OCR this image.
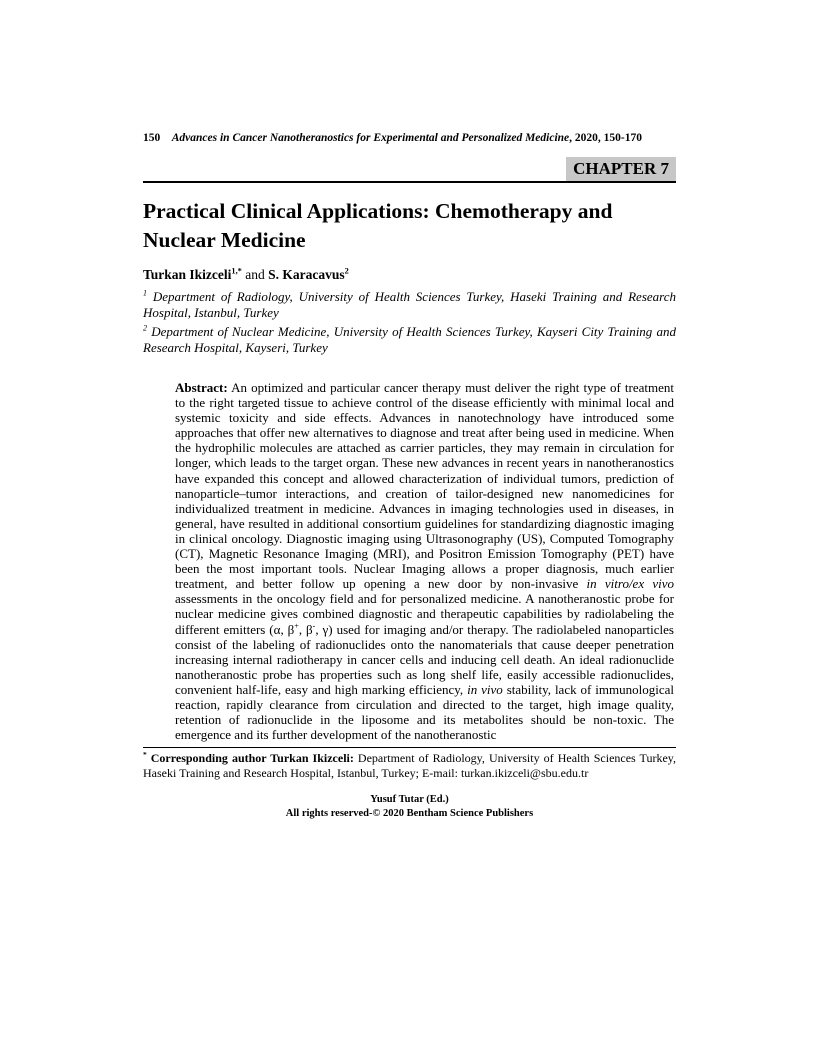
150 Advances in Cancer Nanotheranostics for Experimental and Personalized Medicine, 2020, 150-170
CHAPTER 7
Practical Clinical Applications: Chemotherapy and Nuclear Medicine
Turkan Ikizceli$^{1,*}$ and S. Karacavus$^2$
$^1$ Department of Radiology, University of Health Sciences Turkey, Haseki Training and Research Hospital, Istanbul, Turkey
$^2$ Department of Nuclear Medicine, University of Health Sciences Turkey, Kayseri City Training and Research Hospital, Kayseri, Turkey
Abstract: An optimized and particular cancer therapy must deliver the right type of treatment to the right targeted tissue to achieve control of the disease efficiently with minimal local and systemic toxicity and side effects. Advances in nanotechnology have introduced some approaches that offer new alternatives to diagnose and treat after being used in medicine. When the hydrophilic molecules are attached as carrier particles, they may remain in circulation for longer, which leads to the target organ. These new advances in recent years in nanotheranostics have expanded this concept and allowed characterization of individual tumors, prediction of nanoparticle–tumor interactions, and creation of tailor-designed new nanomedicines for individualized treatment in medicine. Advances in imaging technologies used in diseases, in general, have resulted in additional consortium guidelines for standardizing diagnostic imaging in clinical oncology. Diagnostic imaging using Ultrasonography (US), Computed Tomography (CT), Magnetic Resonance Imaging (MRI), and Positron Emission Tomography (PET) have been the most important tools. Nuclear Imaging allows a proper diagnosis, much earlier treatment, and better follow up opening a new door by non-invasive in vitro/ex vivo assessments in the oncology field and for personalized medicine. A nanotheranostic probe for nuclear medicine gives combined diagnostic and therapeutic capabilities by radiolabeling the different emitters (α, β+, β-, γ) used for imaging and/or therapy. The radiolabeled nanoparticles consist of the labeling of radionuclides onto the nanomaterials that cause deeper penetration increasing internal radiotherapy in cancer cells and inducing cell death. An ideal radionuclide nanotheranostic probe has properties such as long shelf life, easily accessible radionuclides, convenient half-life, easy and high marking efficiency, in vivo stability, lack of immunological reaction, rapidly clearance from circulation and directed to the target, high image quality, retention of radionuclide in the liposome and its metabolites should be non-toxic. The emergence and its further development of the nanotheranostic
* Corresponding author Turkan Ikizceli: Department of Radiology, University of Health Sciences Turkey, Haseki Training and Research Hospital, Istanbul, Turkey; E-mail: turkan.ikizceli@sbu.edu.tr
Yusuf Tutar (Ed.)
All rights reserved-© 2020 Bentham Science Publishers
